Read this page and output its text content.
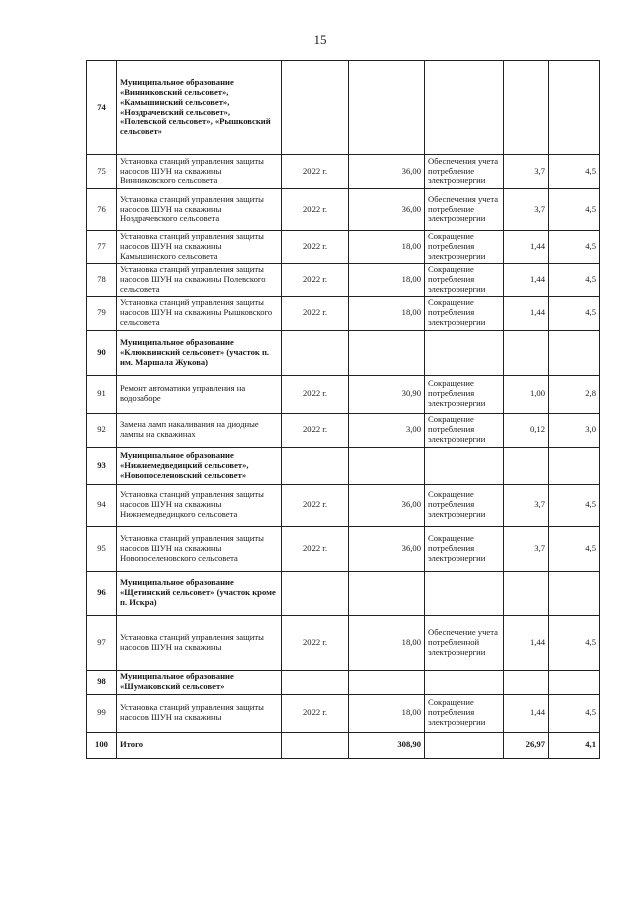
15
74	Муниципальное образование «Винниковский сельсовет», «Камышинский сельсовет», «Ноздрачевский сельсовет», «Полевской сельсовет», «Рышковский сельсовет»					
75	Установка станций управления защиты насосов ШУН на скважины Винниковского сельсовета	2022 г.	36,00	Обеспечения учета потребление электроэнергии	3,7	4,5
76	Установка станций управления защиты насосов ШУН на скважины Ноздрачевского сельсовета	2022 г.	36,00	Обеспечения учета потребление электроэнергии	3,7	4,5
77	Установка станций управления защиты насосов ШУН на скважины Камышинского сельсовета	2022 г.	18,00	Сокращение потребления электроэнергии	1,44	4,5
78	Установка станций управления защиты насосов ШУН на скважины Полевского сельсовета	2022 г.	18,00	Сокращение потребления электроэнергии	1,44	4,5
79	Установка станций управления защиты насосов ШУН на скважины Рышковского сельсовета	2022 г.	18,00	Сокращение потребления электроэнергии	1,44	4,5
90	Муниципальное образование «Клюквинский сельсовет» (участок п. им. Маршала Жукова)					
91	Ремонт автоматики управления на водозаборе	2022 г.	30,90	Сокращение потребления электроэнергии	1,00	2,8
92	Замена ламп накаливания на диодные лампы на скважинах	2022 г.	3,00	Сокращение потребления электроэнергии	0,12	3,0
93	Муниципальное образование «Нижнемедведицкий сельсовет», «Новопоселеновский сельсовет»					
94	Установка станций управления защиты насосов ШУН на скважины Нижнемедведицкого сельсовета	2022 г.	36,00	Сокращение потребления электроэнергии	3,7	4,5
95	Установка станций управления защиты насосов ШУН на скважины Новопоселеновского сельсовета	2022 г.	36,00	Сокращение потребления электроэнергии	3,7	4,5
96	Муниципальное образование «Щетинский сельсовет» (участок кроме п. Искра)					
97	Установка станций управления защиты насосов ШУН на скважины	2022 г.	18,00	Обеспечение учета потребленной электроэнергии	1,44	4,5
98	Муниципальное образование «Шумаковский сельсовет»					
99	Установка станций управления защиты насосов ШУН на скважины	2022 г.	18,00	Сокращение потребления электроэнергии	1,44	4,5
100	Итого		308,90		26,97	4,1
